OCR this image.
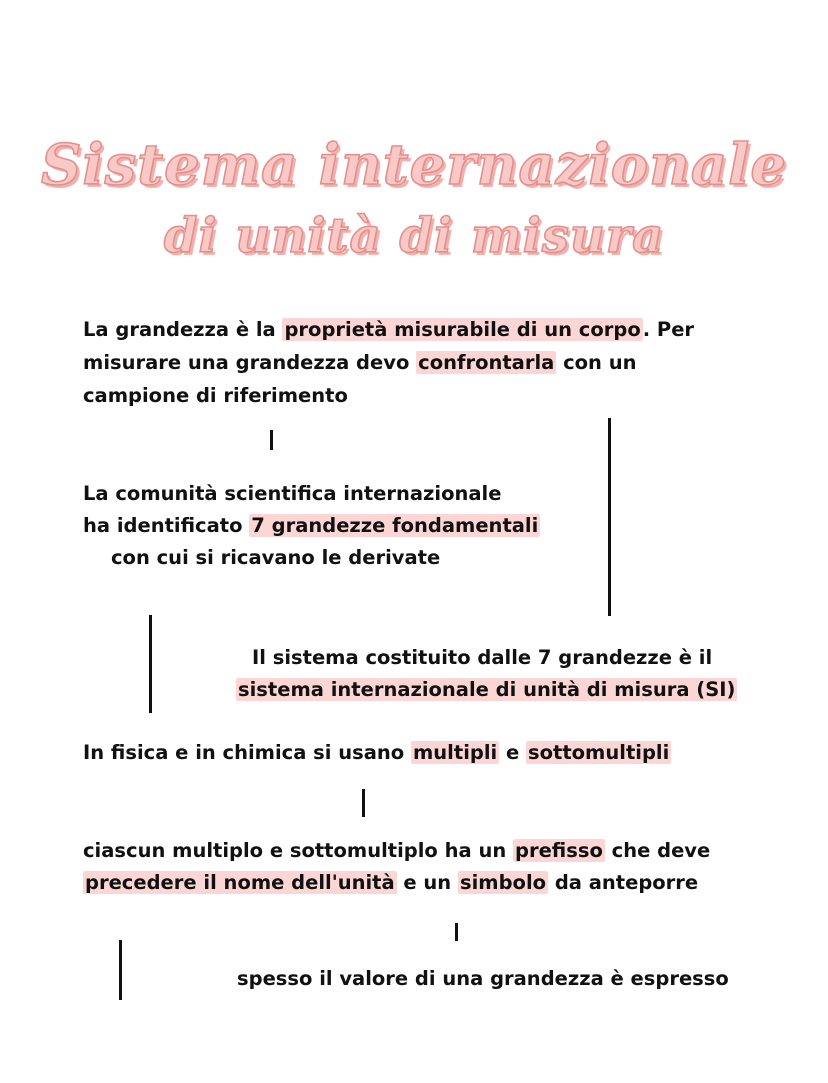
Sistema internazionale
di unità di misura
La grandezza è la proprietà misurabile di un corpo . Per
misurare una grandezza devo confrontarla con un
campione di riferimento
La comunità scientifica internazionale
ha identificato 7 grandezze fondamentali
con cui si ricavano le derivate
Il sistema costituito dalle 7 grandezze è il
sistema internazionale di unità di misura (SI)
In fisica e in chimica si usano multipli e sottomultipli
ciascun multiplo e sottomultiplo ha un prefisso che deve
precedere il nome dell'unità e un simbolo da anteporre
spesso il valore di una grandezza è espresso
